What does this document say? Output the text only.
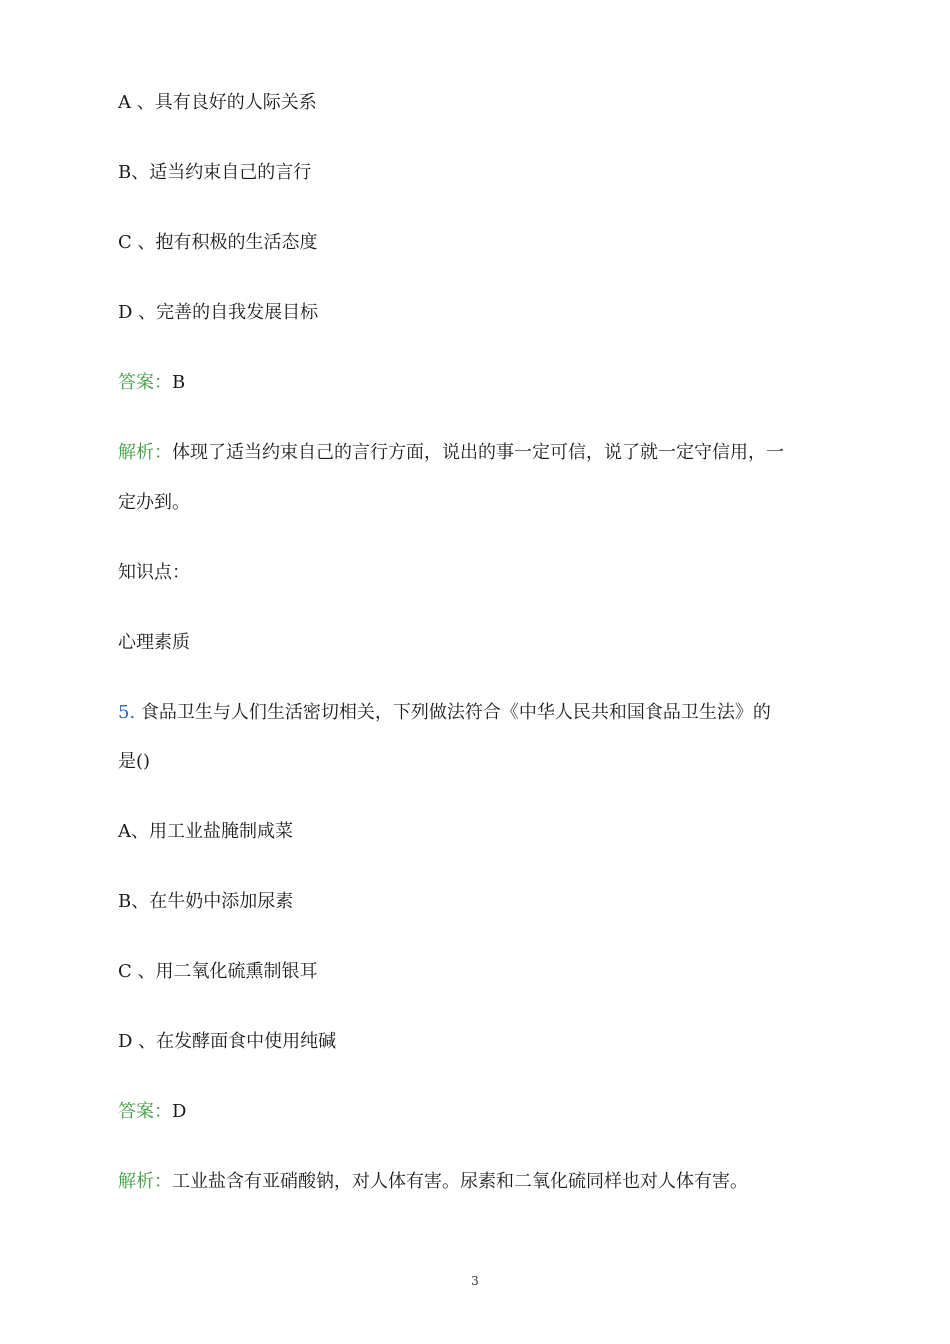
A 、具有良好的人际关系
B、适当约束自己的言行
C 、抱有积极的生活态度
D 、完善的自我发展目标
答案：B
解析：体现了适当约束自己的言行方面，说出的事一定可信，说了就一定守信用，一
定办到。
知识点：
心理素质
5. 食品卫生与人们生活密切相关，下列做法符合《中华人民共和国食品卫生法》的
是()
A、用工业盐腌制咸菜
B、在牛奶中添加尿素
C 、用二氧化硫熏制银耳
D 、在发酵面食中使用纯碱
答案：D
解析：工业盐含有亚硝酸钠，对人体有害。尿素和二氧化硫同样也对人体有害。
3
